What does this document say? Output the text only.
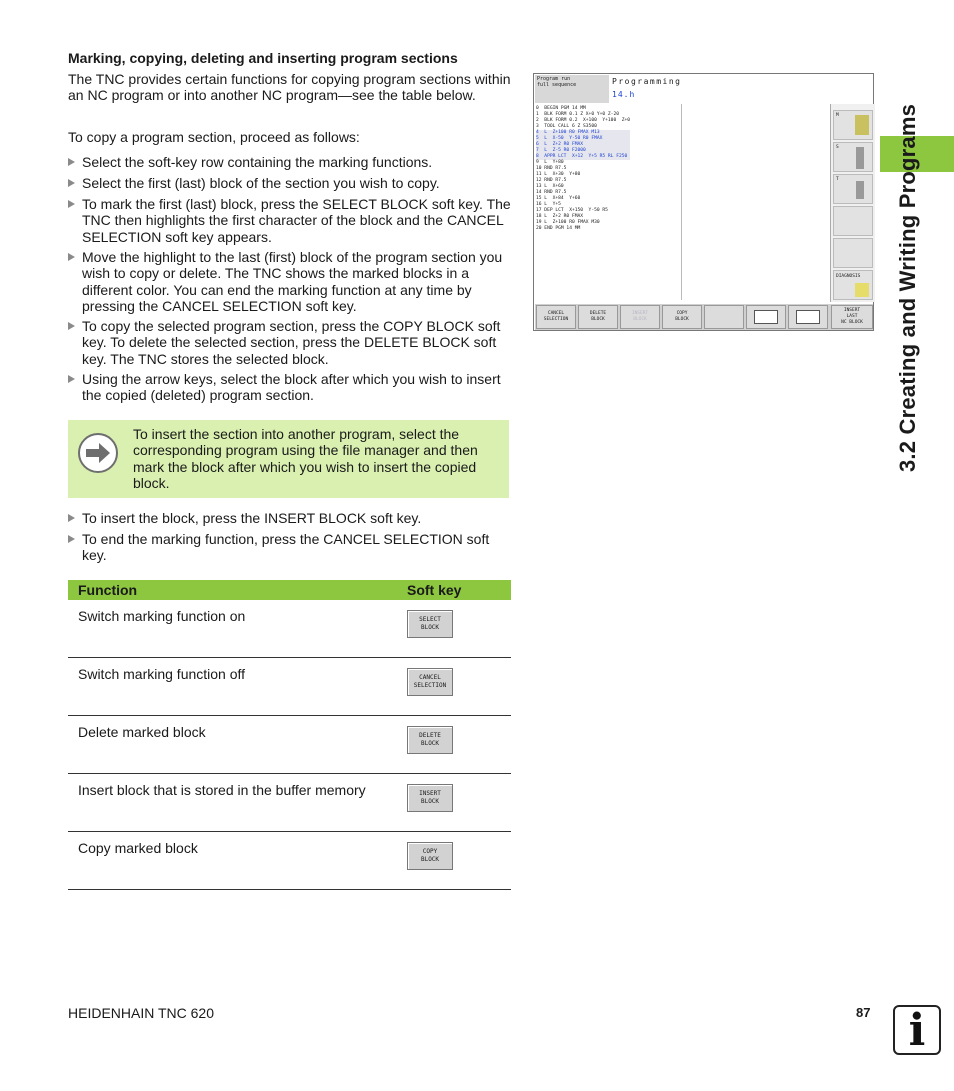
Marking, copying, deleting and inserting program sections
The TNC provides certain functions for copying program sections within an NC program or into another NC program—see the table below.
To copy a program section, proceed as follows:
Select the soft-key row containing the marking functions.
Select the first (last) block of the section you wish to copy.
To mark the first (last) block, press the SELECT BLOCK soft key. The TNC then highlights the first character of the block and the CANCEL SELECTION soft key appears.
Move the highlight to the last (first) block of the program section you wish to copy or delete. The TNC shows the marked blocks in a different color. You can end the marking function at any time by pressing the CANCEL SELECTION soft key.
To copy the selected program section, press the COPY BLOCK soft key. To delete the selected section, press the DELETE BLOCK soft key. The TNC stores the selected block.
Using the arrow keys, select the block after which you wish to insert the copied (deleted) program section.
To insert the section into another program, select the corresponding program using the file manager and then mark the block after which you wish to insert the copied block.
To insert the block, press the INSERT BLOCK soft key.
To end the marking function, press the CANCEL SELECTION soft key.
Function	Soft key
Switch marking function on	SELECT
BLOCK

Switch marking function off	CANCEL
SELECTION

Delete marked block	DELETE
BLOCK

Insert block that is stored in the buffer memory	INSERT
BLOCK

Copy marked block	COPY
BLOCK
Program run
full sequence	Programming
14.h
0  BEGIN PGM 14 MM
1  BLK FORM 0.1 Z X+0 Y+0 Z-20
2  BLK FORM 0.2  X+100  Y+100  Z+0
3  TOOL CALL 6 Z S3500
4  L  Z+100 R0 FMAX M13
5  L  X-50  Y-50 R0 FMAX
6  L  Z+2 R0 FMAX
7  L  Z-5 R0 F2000
8  APPR LCT  X+12  Y+5 R5 RL F250
9  L  Y+80
10 RND R7.5
11 L  X+30  Y+80
12 RND R7.5
13 L  X+60
14 RND R7.5
15 L  X+84  Y+60
16 L  Y+5
17 DEP LCT  X+150  Y-50 R5
18 L  Z+2 R0 FMAX
19 L  Z+100 R0 FMAX M30
20 END PGM 14 MM
M
S
T
DIAGNOSIS
CANCEL
SELECTION
DELETE
BLOCK
INSERT
BLOCK
COPY
BLOCK
INSERT
LAST
NC BLOCK	3.2 Creating and Writing Programs
HEIDENHAIN TNC 620	87 i
